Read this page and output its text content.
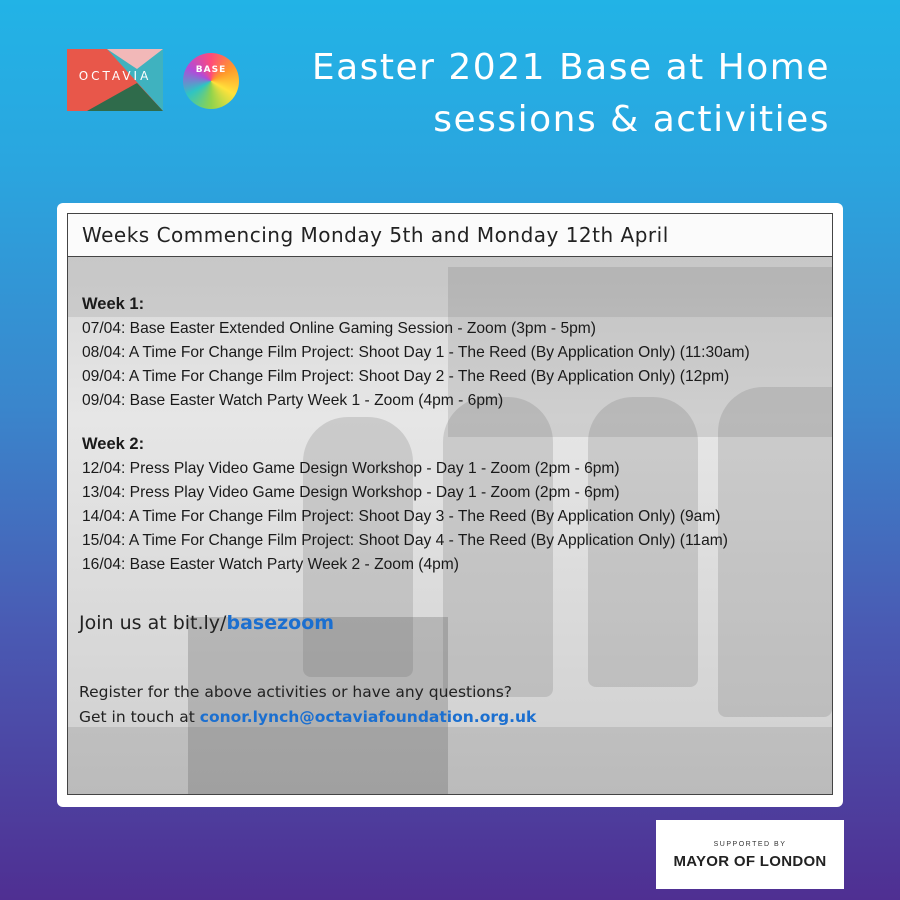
OCTAVIA	BASE	Easter 2021 Base at Home
sessions & activities
Weeks Commencing Monday 5th and Monday 12th April
Week 1:
07/04: Base Easter Extended Online Gaming Session - Zoom (3pm - 5pm)
08/04: A Time For Change Film Project: Shoot Day 1 - The Reed (By Application Only) (11:30am)
09/04: A Time For Change Film Project: Shoot Day 2 - The Reed (By Application Only) (12pm)
09/04: Base Easter Watch Party Week 1 - Zoom (4pm - 6pm)
Week 2:
12/04: Press Play Video Game Design Workshop - Day 1 - Zoom (2pm - 6pm)
13/04: Press Play Video Game Design Workshop - Day 1 - Zoom (2pm - 6pm)
14/04: A Time For Change Film Project: Shoot Day 3 - The Reed (By Application Only) (9am)
15/04: A Time For Change Film Project: Shoot Day 4 - The Reed (By Application Only) (11am)
16/04: Base Easter Watch Party Week 2 - Zoom (4pm)
Join us at bit.ly/basezoom
Register for the above activities or have any questions?
Get in touch at conor.lynch@octaviafoundation.org.uk
SUPPORTED BY
MAYOR OF LONDON
